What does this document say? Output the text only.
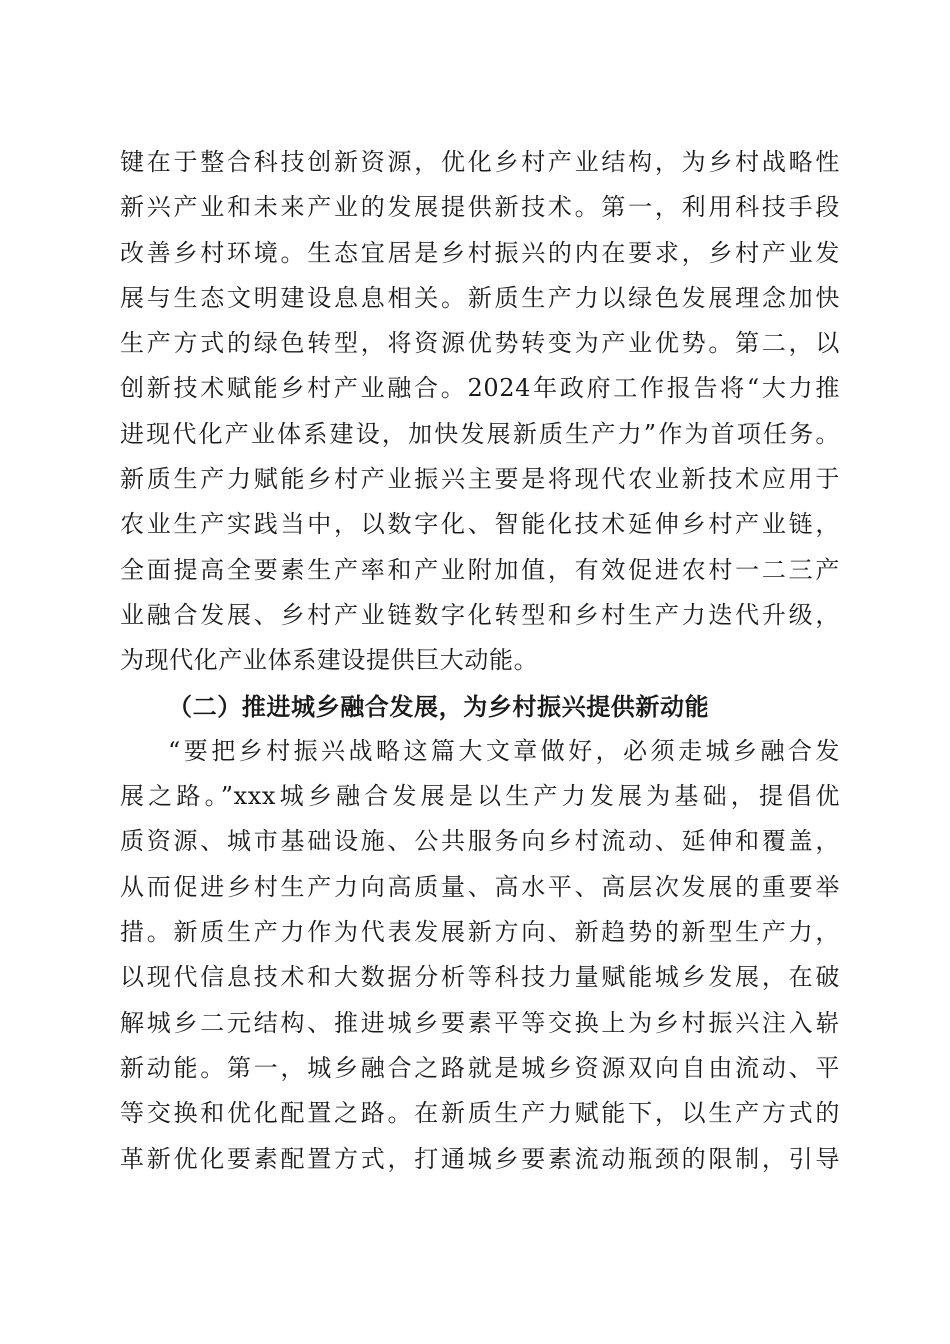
键在于整合科技创新资源，优化乡村产业结构，为乡村战略性
新兴产业和未来产业的发展提供新技术。第一，利用科技手段
改善乡村环境。生态宜居是乡村振兴的内在要求，乡村产业发
展与生态文明建设息息相关。新质生产力以绿色发展理念加快
生产方式的绿色转型，将资源优势转变为产业优势。第二，以
创新技术赋能乡村产业融合。2024年政府工作报告将“大力推
进现代化产业体系建设，加快发展新质生产力”作为首项任务。
新质生产力赋能乡村产业振兴主要是将现代农业新技术应用于
农业生产实践当中，以数字化、智能化技术延伸乡村产业链，
全面提高全要素生产率和产业附加值，有效促进农村一二三产
业融合发展、乡村产业链数字化转型和乡村生产力迭代升级，
为现代化产业体系建设提供巨大动能。
（二）推进城乡融合发展，为乡村振兴提供新动能
“要把乡村振兴战略这篇大文章做好，必须走城乡融合发
展之路。”xxx城乡融合发展是以生产力发展为基础，提倡优
质资源、城市基础设施、公共服务向乡村流动、延伸和覆盖，
从而促进乡村生产力向高质量、高水平、高层次发展的重要举
措。新质生产力作为代表发展新方向、新趋势的新型生产力，
以现代信息技术和大数据分析等科技力量赋能城乡发展，在破
解城乡二元结构、推进城乡要素平等交换上为乡村振兴注入崭
新动能。第一，城乡融合之路就是城乡资源双向自由流动、平
等交换和优化配置之路。在新质生产力赋能下，以生产方式的
革新优化要素配置方式，打通城乡要素流动瓶颈的限制，引导
